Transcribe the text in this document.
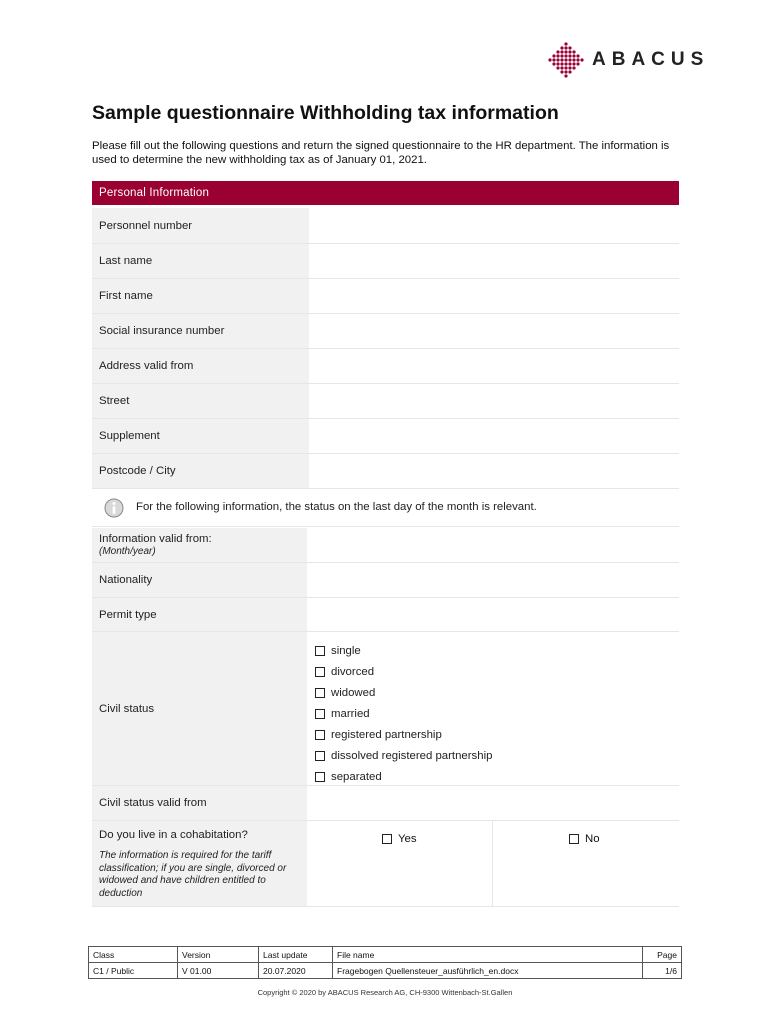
ABACUS
Sample questionnaire Withholding tax information
Please fill out the following questions and return the signed questionnaire to the HR department. The information is used to determine the new withholding tax as of January 01, 2021.
Personal Information
Personnel number
Last name
First name
Social insurance number
Address valid from
Street
Supplement
Postcode / City
For the following information, the status on the last day of the month is relevant.
Information valid from:
(Month/year)
Nationality
Permit type
Civil status
single
divorced
widowed
married
registered partnership
dissolved registered partnership
separated
Civil status valid from
Do you live in a cohabitation?
The information is required for the tariff classification; if you are single, divorced or widowed and have children entitled to deduction
Yes	No
Class	Version	Last update	File name	Page
C1 / Public	V 01.00	20.07.2020	Fragebogen Quellensteuer_ausführlich_en.docx	1/6
Copyright © 2020 by ABACUS Research AG, CH-9300 Wittenbach-St.Gallen
